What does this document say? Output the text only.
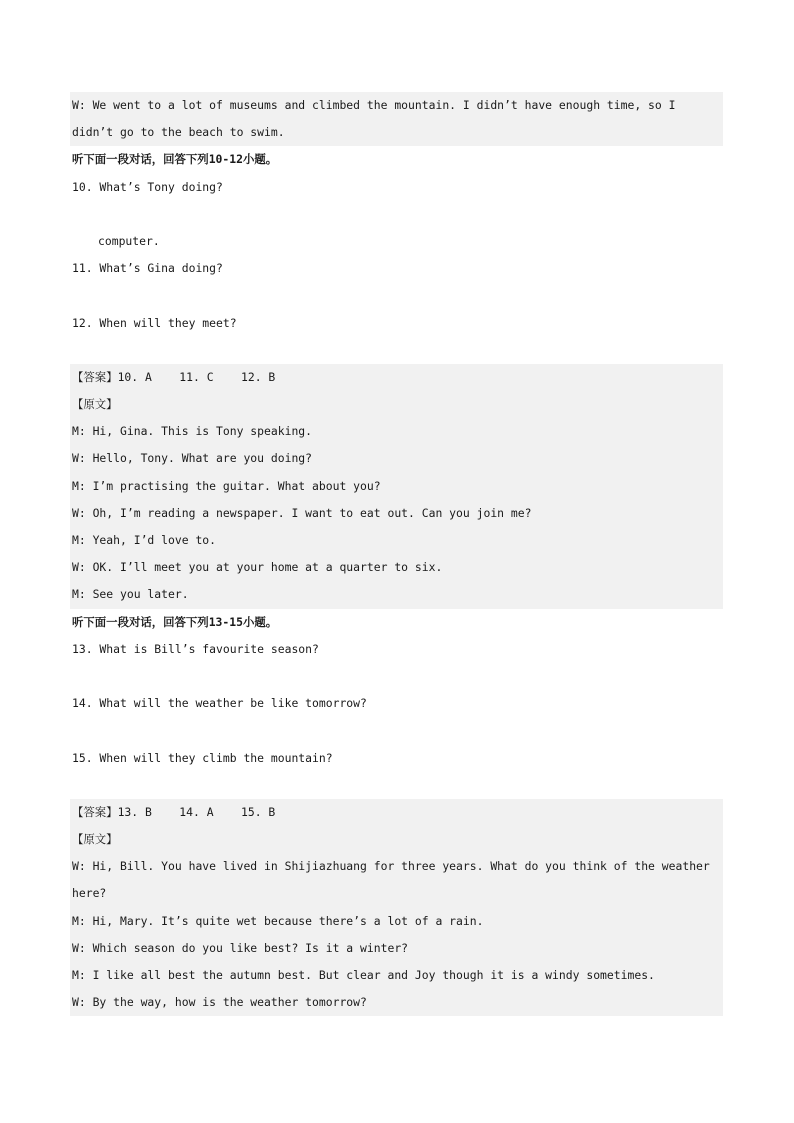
W: We went to a lot of museums and climbed the mountain. I didn’t have enough time, so I
didn’t go to the beach to swim.
听下面一段对话，回答下列10-12小题。
10. What’s Tony doing?

computer.
11. What’s Gina doing?

12. When will they meet?

【答案】10. A    11. C    12. B
【原文】
M: Hi, Gina. This is Tony speaking.
W: Hello, Tony. What are you doing?
M: I’m practising the guitar. What about you?
W: Oh, I’m reading a newspaper. I want to eat out. Can you join me?
M: Yeah, I’d love to.
W: OK. I’ll meet you at your home at a quarter to six.
M: See you later.
听下面一段对话，回答下列13-15小题。
13. What is Bill’s favourite season?

14. What will the weather be like tomorrow?

15. When will they climb the mountain?

【答案】13. B    14. A    15. B
【原文】
W: Hi, Bill. You have lived in Shijiazhuang for three years. What do you think of the weather
here?
M: Hi, Mary. It’s quite wet because there’s a lot of a rain.
W: Which season do you like best? Is it a winter?
M: I like all best the autumn best. But clear and Joy though it is a windy sometimes.
W: By the way, how is the weather tomorrow?
